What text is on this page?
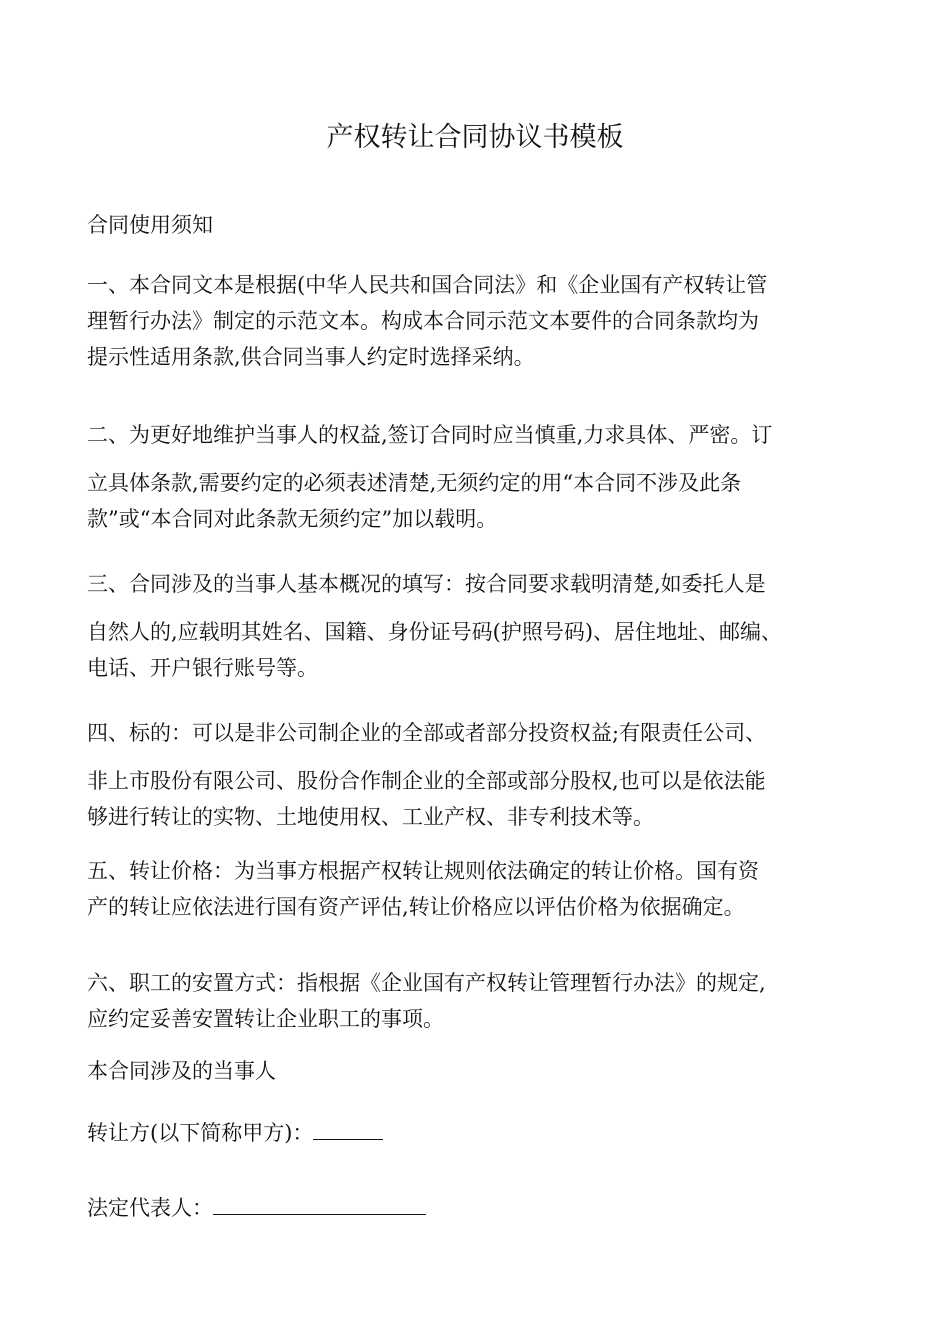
产权转让合同协议书模板
合同使用须知
一、本合同文本是根据(中华人民共和国合同法》和《企业国有产权转让管
理暂行办法》制定的示范文本。构成本合同示范文本要件的合同条款均为
提示性适用条款,供合同当事人约定时选择采纳。
二、为更好地维护当事人的权益,签订合同时应当慎重,力求具体、严密。订
立具体条款,需要约定的必须表述清楚,无须约定的用“本合同不涉及此条
款”或“本合同对此条款无须约定”加以载明。
三、合同涉及的当事人基本概况的填写：按合同要求载明清楚,如委托人是
自然人的,应载明其姓名、国籍、身份证号码(护照号码)、居住地址、邮编、
电话、开户银行账号等。
四、标的：可以是非公司制企业的全部或者部分投资权益;有限责任公司、
非上市股份有限公司、股份合作制企业的全部或部分股权,也可以是依法能
够进行转让的实物、土地使用权、工业产权、非专利技术等。
五、转让价格：为当事方根据产权转让规则依法确定的转让价格。国有资
产的转让应依法进行国有资产评估,转让价格应以评估价格为依据确定。
六、职工的安置方式：指根据《企业国有产权转让管理暂行办法》的规定,
应约定妥善安置转让企业职工的事项。
本合同涉及的当事人
转让方(以下简称甲方)：
法定代表人：
